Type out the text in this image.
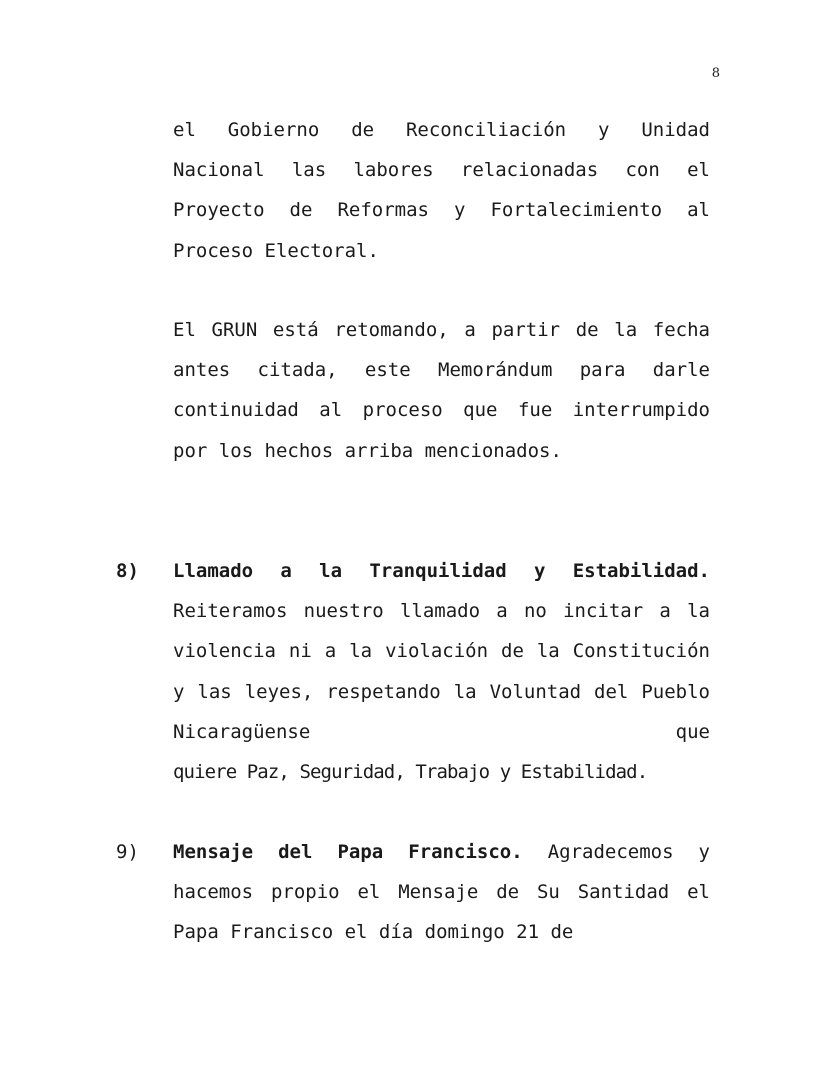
8

el Gobierno de Reconciliación y Unidad Nacional las labores relacionadas con el Proyecto de Reformas y Fortalecimiento al Proceso Electoral.

El GRUN está retomando, a partir de la fecha antes citada, este Memorándum para darle continuidad al proceso que fue interrumpido por los hechos arriba mencionados.

8) Llamado a la Tranquilidad y Estabilidad. Reiteramos nuestro llamado a no incitar a la violencia ni a la violación de la Constitución y las leyes, respetando la Voluntad del Pueblo Nicaragüense que quiere Paz, Seguridad, Trabajo y Estabilidad.

9) Mensaje del Papa Francisco. Agradecemos y hacemos propio el Mensaje de Su Santidad el Papa Francisco el día domingo 21 de
